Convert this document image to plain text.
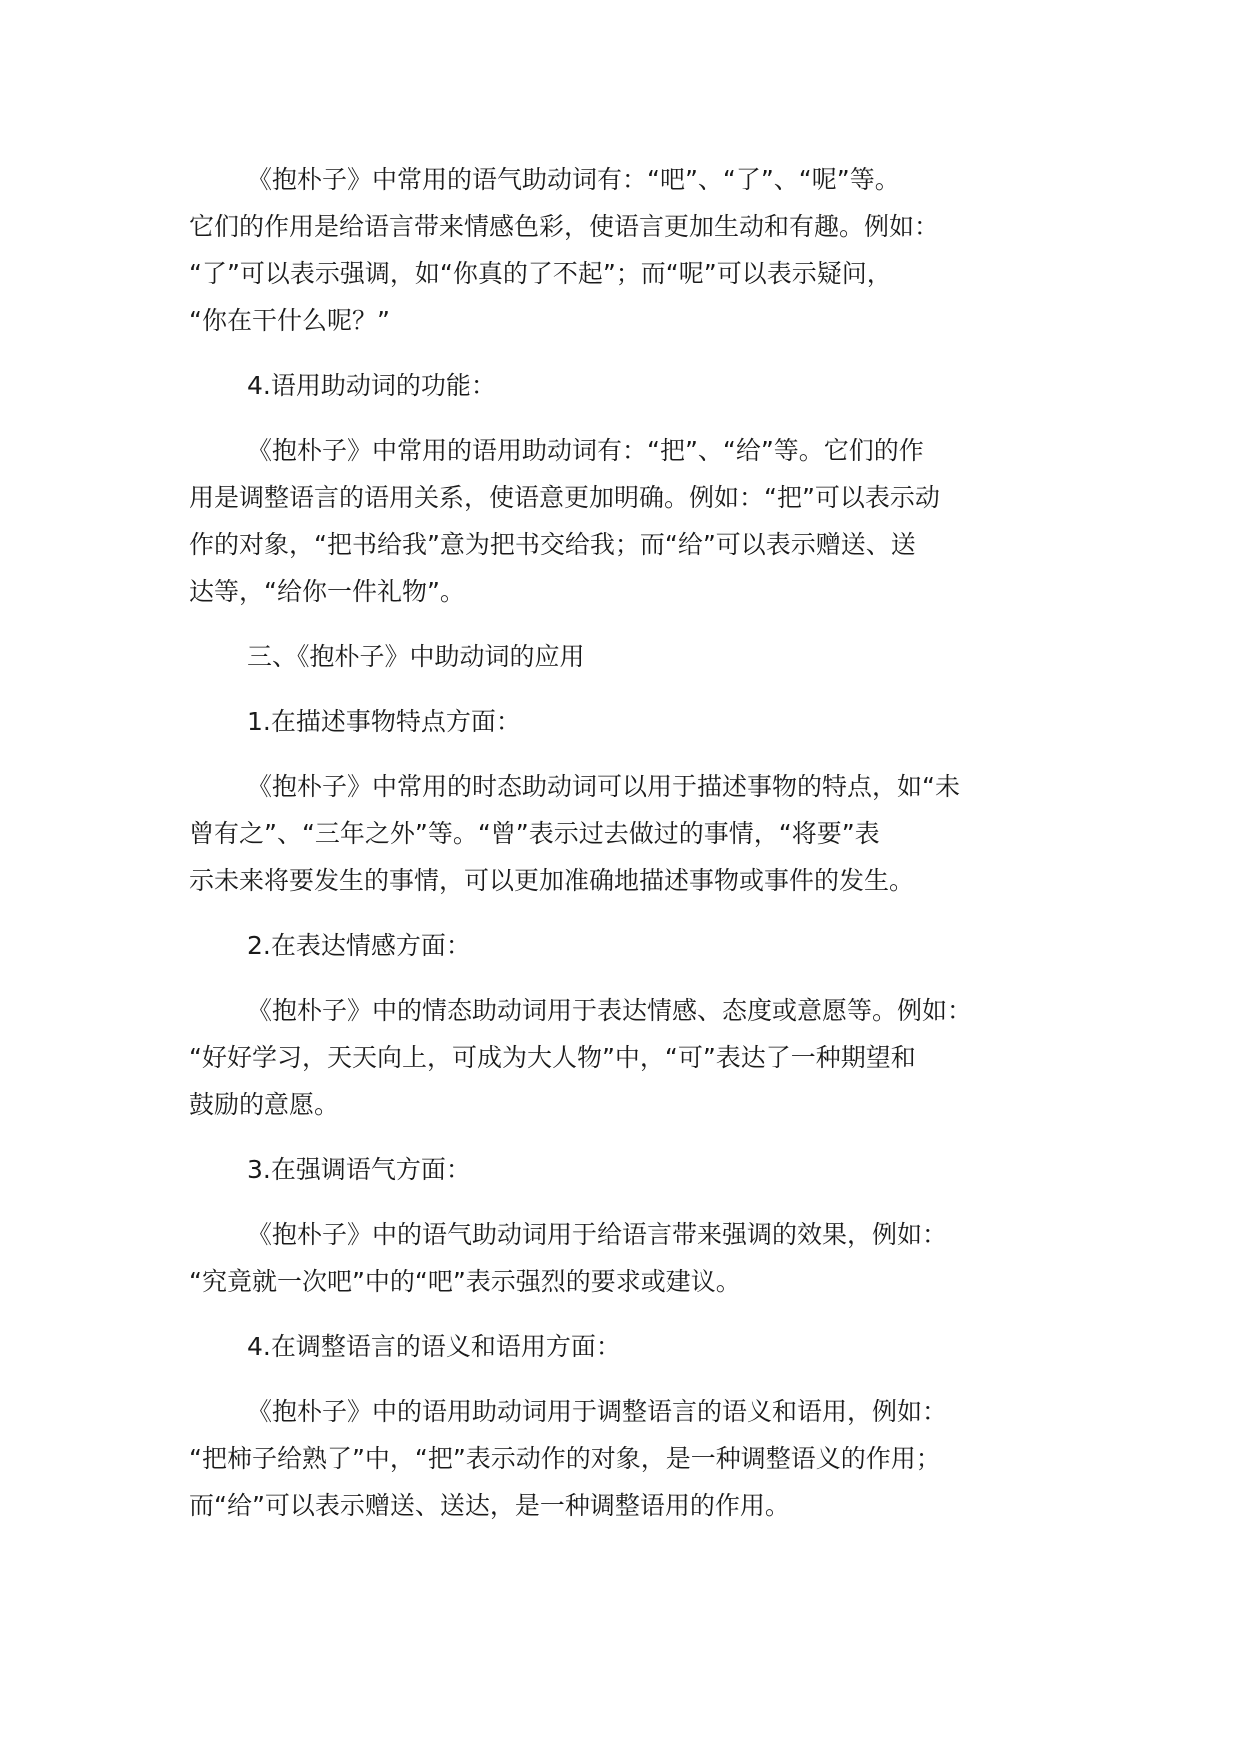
《抱朴子》中常用的语气助动词有：“吧”、“了”、“呢”等。
它们的作用是给语言带来情感色彩，使语言更加生动和有趣。例如：
“了”可以表示强调，如“你真的了不起”；而“呢”可以表示疑问，
“你在干什么呢？”

4.语用助动词的功能：

《抱朴子》中常用的语用助动词有：“把”、“给”等。它们的作
用是调整语言的语用关系，使语意更加明确。例如：“把”可以表示动
作的对象，“把书给我”意为把书交给我；而“给”可以表示赠送、送
达等，“给你一件礼物”。

三、《抱朴子》中助动词的应用

1.在描述事物特点方面：

《抱朴子》中常用的时态助动词可以用于描述事物的特点，如“未
曾有之”、“三年之外”等。“曾”表示过去做过的事情，“将要”表
示未来将要发生的事情，可以更加准确地描述事物或事件的发生。

2.在表达情感方面：

《抱朴子》中的情态助动词用于表达情感、态度或意愿等。例如：
“好好学习，天天向上，可成为大人物”中，“可”表达了一种期望和
鼓励的意愿。

3.在强调语气方面：

《抱朴子》中的语气助动词用于给语言带来强调的效果，例如：
“究竟就一次吧”中的“吧”表示强烈的要求或建议。

4.在调整语言的语义和语用方面：

《抱朴子》中的语用助动词用于调整语言的语义和语用，例如：
“把柿子给熟了”中，“把”表示动作的对象，是一种调整语义的作用；
而“给”可以表示赠送、送达，是一种调整语用的作用。
